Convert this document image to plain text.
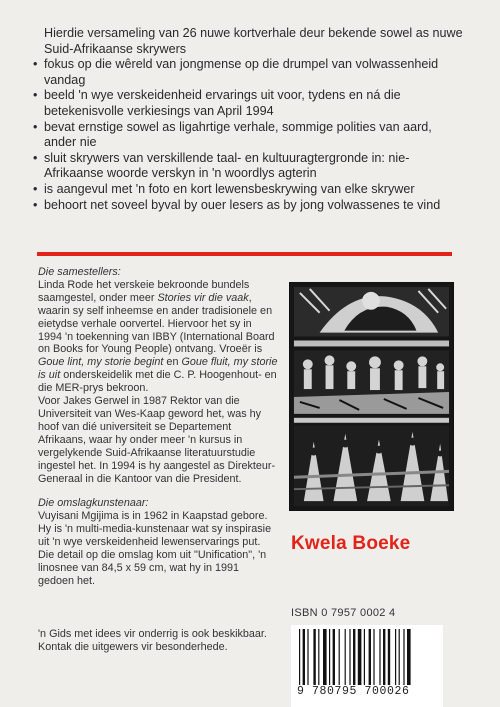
Hierdie versameling van 26 nuwe kortverhale deur bekende sowel as nuwe Suid-Afrikaanse skrywers

• fokus op die wêreld van jongmense op die drumpel van volwassenheid vandag
• beeld 'n wye verskeidenheid ervarings uit voor, tydens en ná die betekenisvolle verkiesings van April 1994
• bevat ernstige sowel as ligahrtige verhale, sommige polities van aard, ander nie
• sluit skrywers van verskillende taal- en kultuuragtergronde in: nie-Afrikaanse woorde verskyn in 'n woordlys agterin
• is aangevul met 'n foto en kort lewensbeskrywing van elke skrywer
• behoort net soveel byval by ouer lesers as by jong volwassenes te vind
Die samestellers:

Linda Rode het verskeie bekroonde bundels saamgestel, onder meer Stories vir die vaak, waarin sy self inheemse en ander tradisionele en eietydse verhale oorvertel. Hiervoor het sy in 1994 'n toekenning van IBBY (International Board on Books for Young People) ontvang. Vroeër is Goue lint, my storie begint en Goue fluit, my storie is uit onderskeidelik met die C. P. Hoogenhout- en die MER-prys bekroon.

Voor Jakes Gerwel in 1987 Rektor van die Universiteit van Wes-Kaap geword het, was hy hoof van dié universiteit se Departement Afrikaans, waar hy onder meer 'n kursus in vergelykende Suid-Afrikaanse literatuurstudie ingestel het. In 1994 is hy aangestel as Direkteur-Generaal in die Kantoor van die President.

Die omslagkunstenaar:

Vuyisani Mgijima is in 1962 in Kaapstad gebore. Hy is 'n multi-media-kunstenaar wat sy inspirasie uit 'n wye verskeidenheid lewenservarings put. Die detail op die omslag kom uit "Unification", 'n linosnee van 84,5 x 59 cm, wat hy in 1991 gedoen het.

Kwela Boeke
ISBN 0 7957 0002 4
9 780795 700026
'n Gids met idees vir onderrig is ook beskikbaar. Kontak die uitgewers vir besonderhede.
